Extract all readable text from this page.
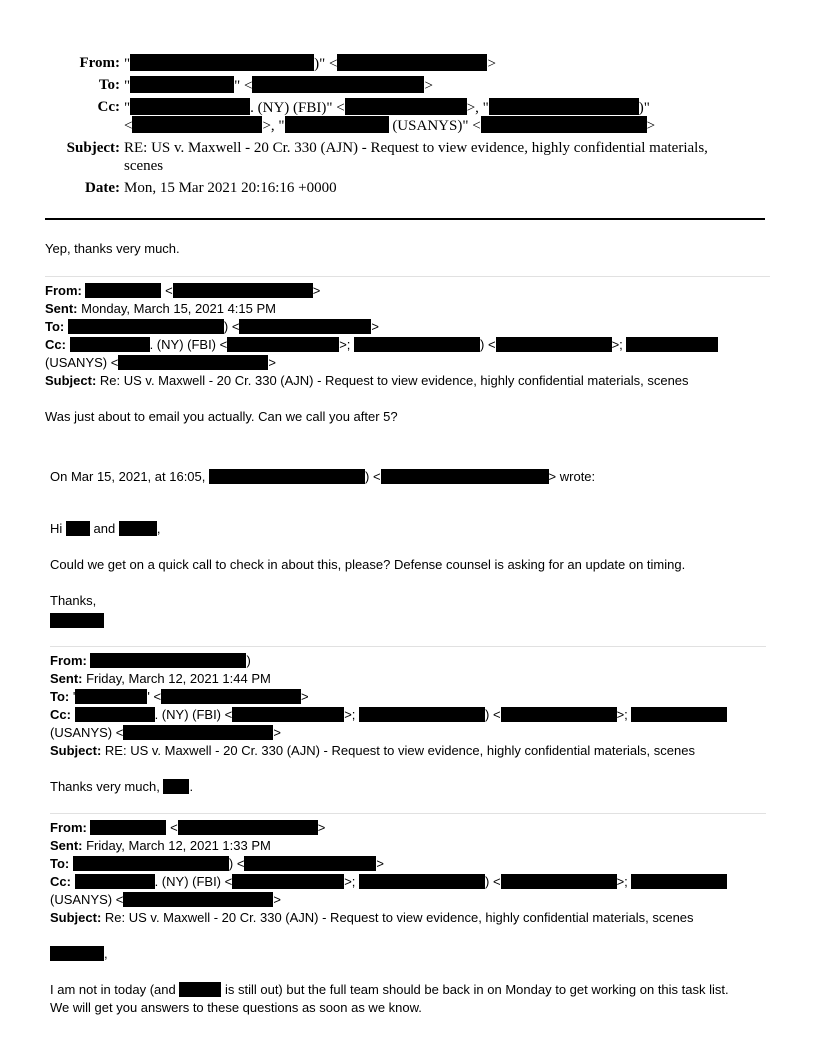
From: "	)" <	>
To: "	" <	>
Cc: "	. (NY) (FBI)" <	>, "	)"
<	>, "	(USANYS)" <	>
Subject: RE: US v. Maxwell - 20 Cr. 330 (AJN) - Request to view evidence, highly confidential materials,
scenes
Date: Mon, 15 Mar 2021 20:16:16 +0000
Yep, thanks very much.
From:	<	>
Sent: Monday, March 15, 2021 4:15 PM
To:	) <	>
Cc:	. (NY) (FBI) <	>;	) <	>;
(USANYS) <	>
Subject: Re: US v. Maxwell - 20 Cr. 330 (AJN) - Request to view evidence, highly confidential materials, scenes
Was just about to email you actually. Can we call you after 5?
On Mar 15, 2021, at 16:05,	) <	> wrote:
Hi  and	,
Could we get on a quick call to check in about this, please? Defense counsel is asking for an update on timing.
Thanks,
From:	)
Sent: Friday, March 12, 2021 1:44 PM
To: '	' <	>
Cc:	. (NY) (FBI) <	>;	) <	>;
(USANYS) <	>
Subject: RE: US v. Maxwell - 20 Cr. 330 (AJN) - Request to view evidence, highly confidential materials, scenes
Thanks very much, .
From:	<	>
Sent: Friday, March 12, 2021 1:33 PM
To:	) <	>
Cc:	. (NY) (FBI) <	>;	) <	>;
(USANYS) <	>
Subject: Re: US v. Maxwell - 20 Cr. 330 (AJN) - Request to view evidence, highly confidential materials, scenes
,
I am not in today (and	is still out) but the full team should be back in on Monday to get working on this task list.
We will get you answers to these questions as soon as we know.
